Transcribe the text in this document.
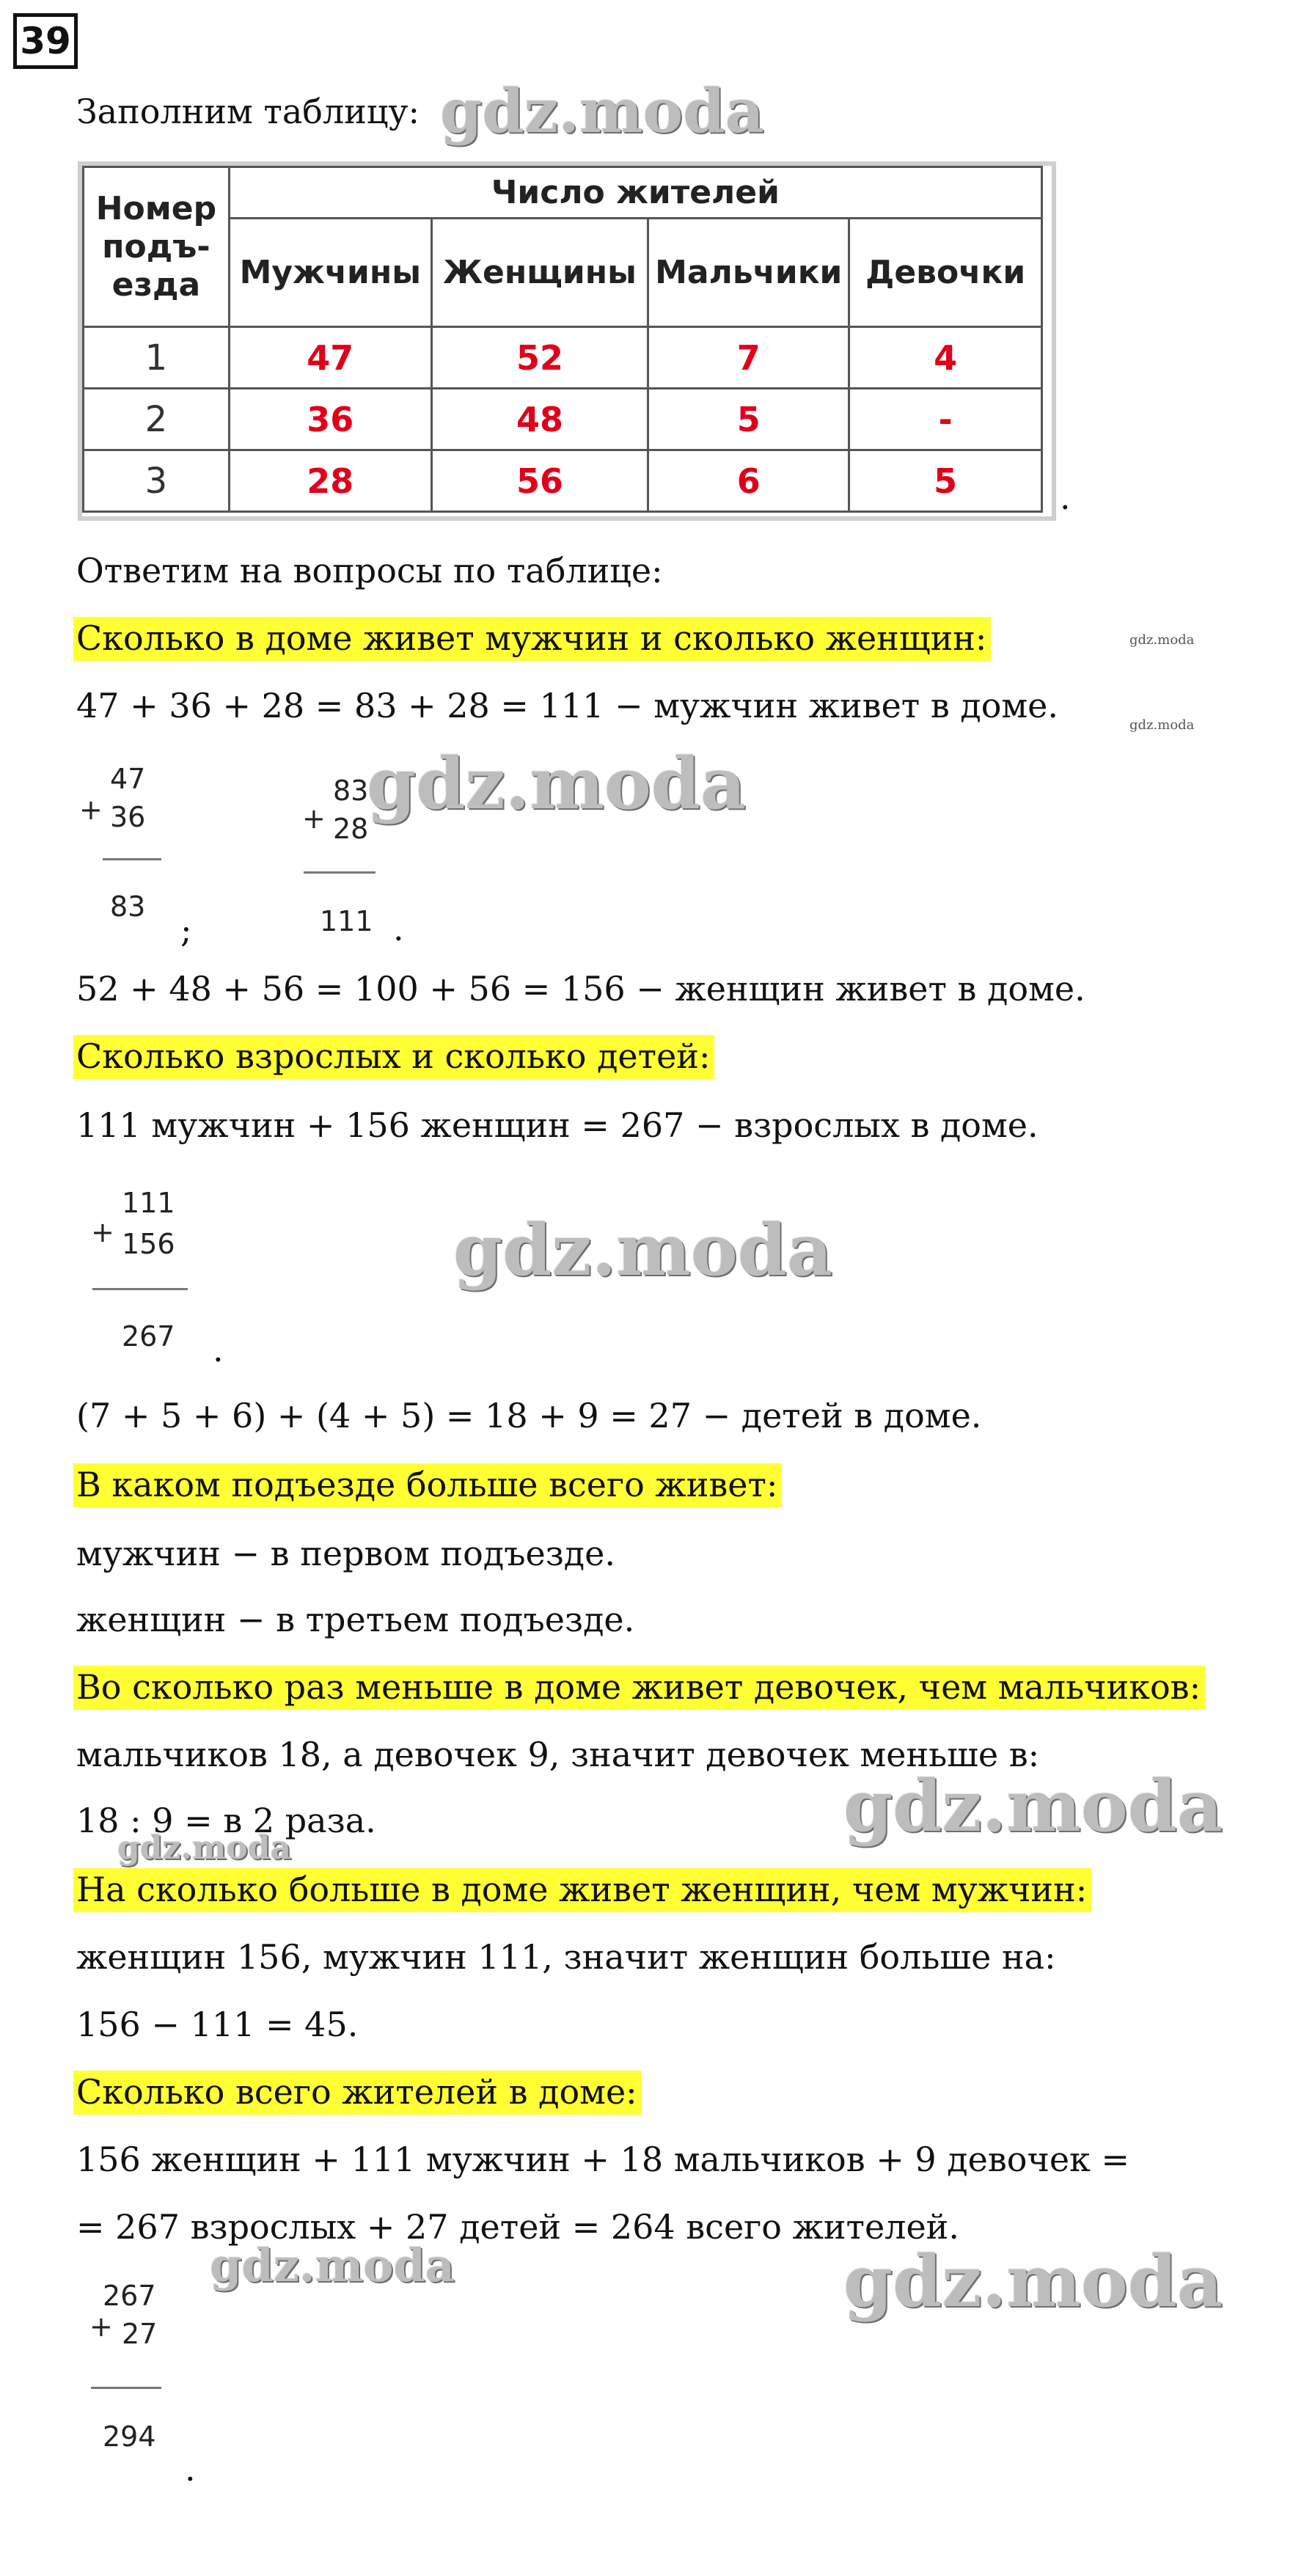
39
Заполним таблицу: gdz.moda
Номер подъ-езда	Число жителей			
	Мужчины	Женщины	Мальчики	Девочки
1	47	52	7	4
2	36	48	5	-
3	28	56	6	5	.
Ответим на вопросы по таблице:
Сколько в доме живет мужчин и сколько женщин:	gdz.moda
47 + 36 + 28 = 83 + 28 = 111 − мужчин живет в доме.	gdz.moda
gdz.moda
+
47
36
83
;
+
83
28
111 .
52 + 48 + 56 = 100 + 56 = 156 − женщин живет в доме.
Сколько взрослых и сколько детей:
111 мужчин + 156 женщин = 267 − взрослых в доме.
+
111
156
267 .
gdz.moda
(7 + 5 + 6) + (4 + 5) = 18 + 9 = 27 − детей в доме.
В каком подъезде больше всего живет:
мужчин − в первом подъезде.
женщин − в третьем подъезде.
Во сколько раз меньше в доме живет девочек, чем мальчиков:
мальчиков 18, а девочек 9, значит девочек меньше в:
gdz.moda
18 : 9 = в 2 раза.
gdz.moda
На сколько больше в доме живет женщин, чем мужчин:
женщин 156, мужчин 111, значит женщин больше на:
156 − 111 = 45.
Сколько всего жителей в доме:
156 женщин + 111 мужчин + 18 мальчиков + 9 девочек =
= 267 взрослых + 27 детей = 264 всего жителей.
gdz.moda	gdz.moda
+
267
27
294
.
